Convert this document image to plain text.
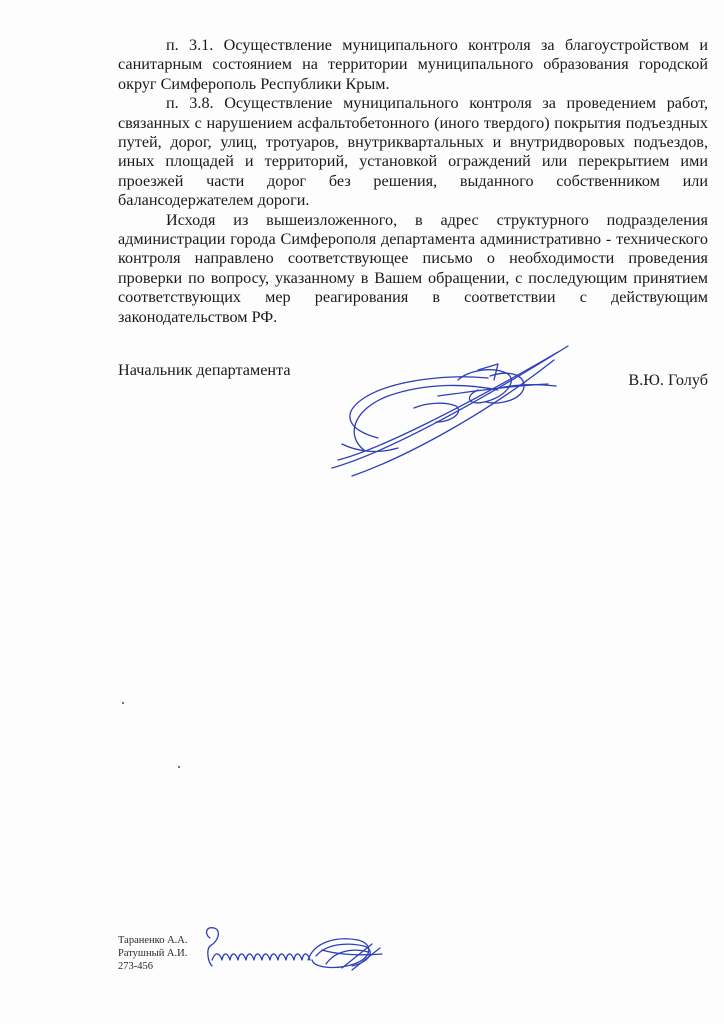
п. 3.1. Осуществление муниципального контроля за благоустройством и санитарным состоянием на территории муниципального образования городской округ Симферополь Республики Крым.

п. 3.8. Осуществление муниципального контроля за проведением работ, связанных с нарушением асфальтобетонного (иного твердого) покрытия подъездных путей, дорог, улиц, тротуаров, внутриквартальных и внутридворовых подъездов, иных площадей и территорий, установкой ограждений или перекрытием ими проезжей части дорог без решения, выданного собственником или балансодержателем дороги.

Исходя из вышеизложенного, в адрес структурного подразделения администрации города Симферополя департамента административно - технического контроля направлено соответствующее письмо о необходимости проведения проверки по вопросу, указанному в Вашем обращении, с последующим принятием соответствующих мер реагирования в соответствии с действующим законодательством РФ.

Начальник департамента
В.Ю. Голуб
Тараненко А.А.
Ратушный А.И.
273-456
